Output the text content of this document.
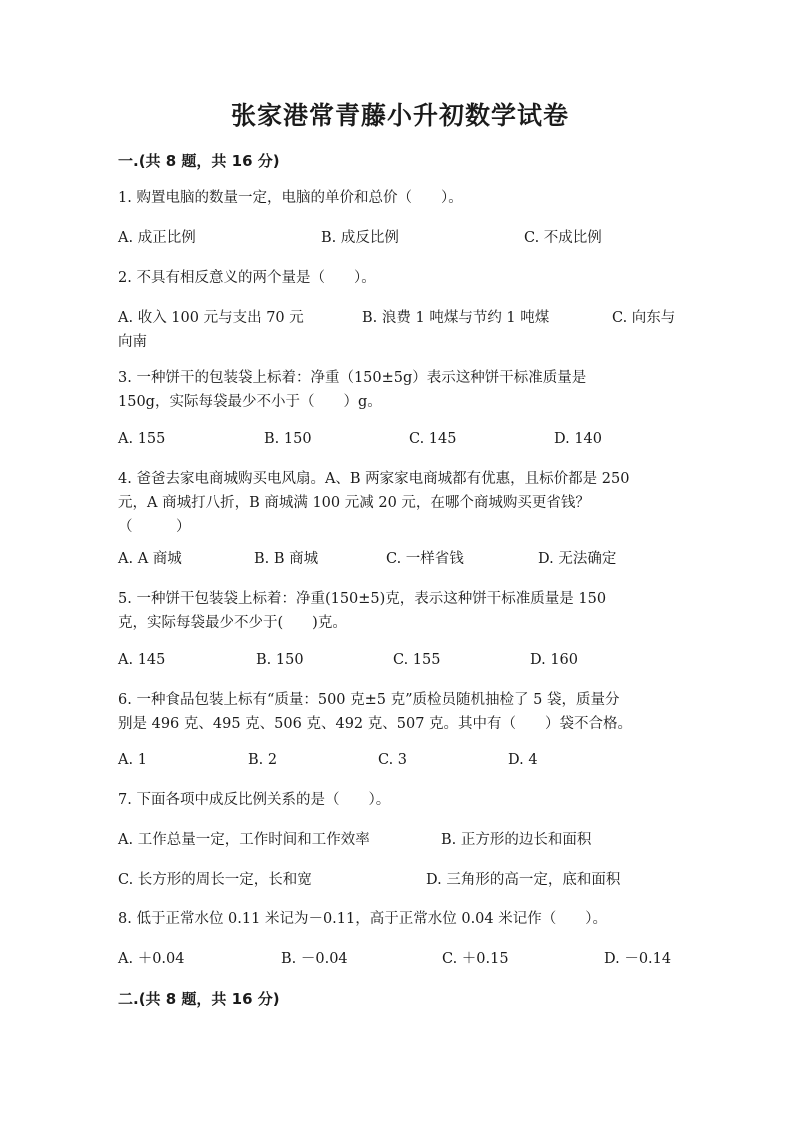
张家港常青藤小升初数学试卷
一.(共 8 题，共 16 分)
1. 购置电脑的数量一定，电脑的单价和总价（　　）。
A. 成正比例	B. 成反比例	C. 不成比例
2. 不具有相反意义的两个量是（　　）。
A. 收入 100 元与支出 70 元	B. 浪费 1 吨煤与节约 1 吨煤	C. 向东与
向南
3. 一种饼干的包装袋上标着：净重（150±5g）表示这种饼干标准质量是
150g，实际每袋最少不小于（　　）g。
A. 155	B. 150	C. 145	D. 140
4. 爸爸去家电商城购买电风扇。A、B 两家家电商城都有优惠，且标价都是 250
元，A 商城打八折，B 商城满 100 元减 20 元，在哪个商城购买更省钱？
（　　　）
A. A 商城	B. B 商城	C. 一样省钱	D. 无法确定
5. 一种饼干包装袋上标着：净重(150±5)克，表示这种饼干标准质量是 150
克，实际每袋最少不少于(　　)克。
A. 145	B. 150	C. 155	D. 160
6. 一种食品包装上标有“质量：500 克±5 克”质检员随机抽检了 5 袋，质量分
别是 496 克、495 克、506 克、492 克、507 克。其中有（　　）袋不合格。
A. 1	B. 2	C. 3	D. 4
7. 下面各项中成反比例关系的是（　　）。
A. 工作总量一定，工作时间和工作效率	B. 正方形的边长和面积
C. 长方形的周长一定，长和宽	D. 三角形的高一定，底和面积
8. 低于正常水位 0.11 米记为－0.11，高于正常水位 0.04 米记作（　　）。
A. ＋0.04	B. －0.04	C. ＋0.15	D. －0.14
二.(共 8 题，共 16 分)
